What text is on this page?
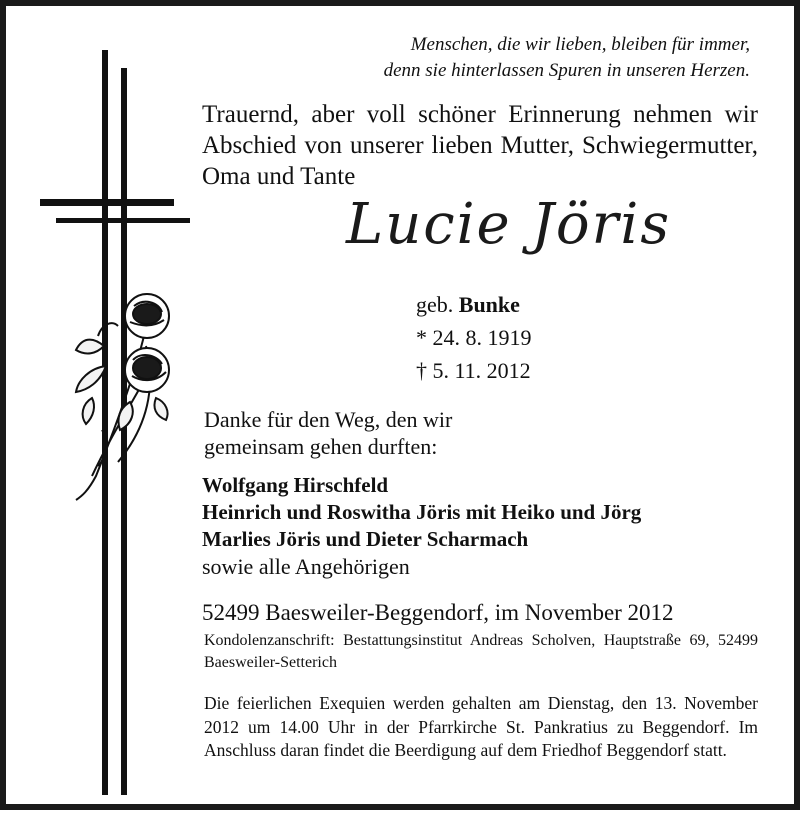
Menschen, die wir lieben, bleiben für immer,
denn sie hinterlassen Spuren in unseren Herzen.
Trauernd, aber voll schöner Erinnerung nehmen wir Abschied von unserer lieben Mutter, Schwiegermutter, Oma und Tante
Lucie Jöris
geb. Bunke
* 24. 8. 1919
† 5. 11. 2012
Danke für den Weg, den wir
gemeinsam gehen durften:
Wolfgang Hirschfeld
Heinrich und Roswitha Jöris mit Heiko und Jörg
Marlies Jöris und Dieter Scharmach
sowie alle Angehörigen
52499 Baesweiler-Beggendorf, im November 2012
Kondolenzanschrift: Bestattungsinstitut Andreas Scholven, Hauptstraße 69, 52499 Baesweiler-Setterich
Die feierlichen Exequien werden gehalten am Dienstag, den 13. November 2012 um 14.00 Uhr in der Pfarrkirche St. Pankratius zu Beggendorf. Im Anschluss daran findet die Beerdigung auf dem Friedhof Beggendorf statt.
